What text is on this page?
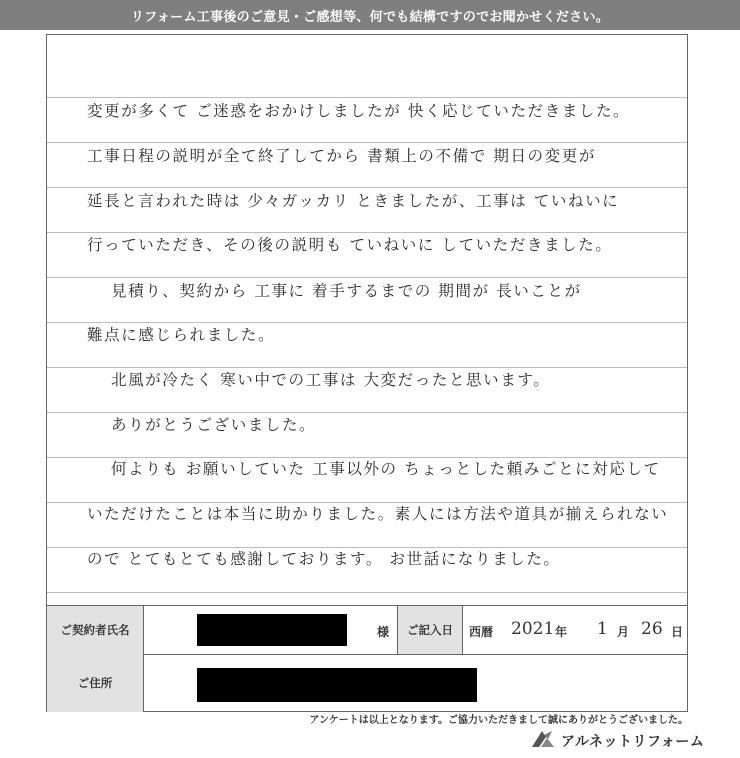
リフォーム工事後のご意見・ご感想等、何でも結構ですのでお聞かせください。
変更が多くて ご迷惑をおかけしましたが 快く応じていただきました。
工事日程の説明が全て終了してから 書類上の不備で 期日の変更が
延長と言われた時は 少々ガッカリ ときましたが、工事は ていねいに
行っていただき、その後の説明も ていねいに していただきました。
見積り、契約から 工事に 着手するまでの 期間が 長いことが
難点に感じられました。
北風が冷たく 寒い中での工事は 大変だったと思います。
ありがとうございました。
何よりも お願いしていた 工事以外の ちょっとした頼みごとに対応して
いただけたことは本当に助かりました。素人には方法や道具が揃えられない
ので とてもとても感謝しております。 お世話になりました。
ご契約者氏名	様 ご記入日 西暦 2021 年 1 月 26 日
ご住所
アンケートは以上となります。ご協力いただきまして誠にありがとうございました。
アルネットリフォーム
